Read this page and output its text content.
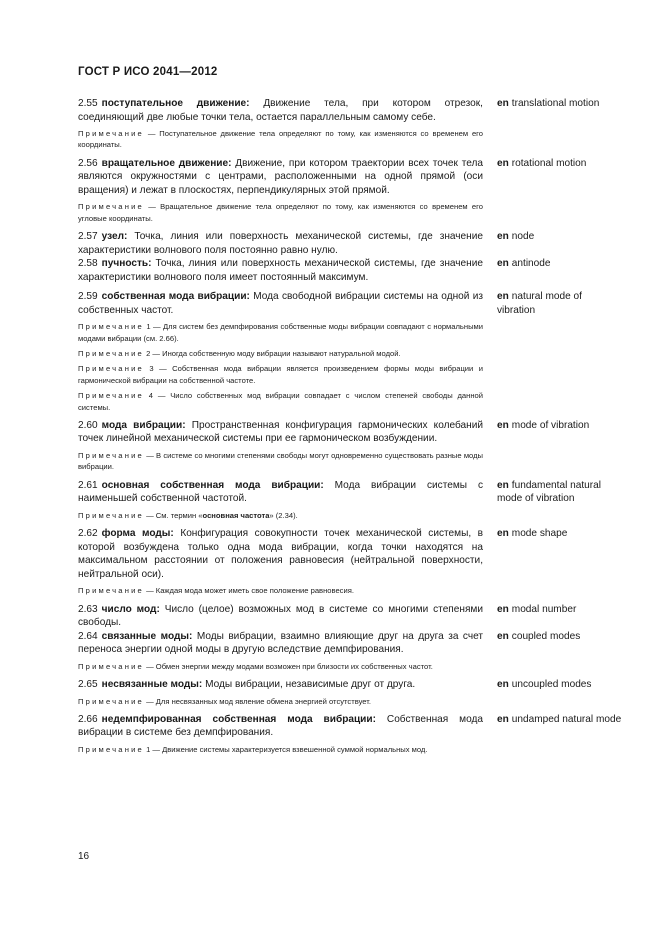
ГОСТ Р ИСО 2041—2012
2.55 поступательное движение: Движение тела, при котором отрезок, соединяющий две любые точки тела, остается параллельным самому себе.
en translational motion
Примечание — Поступательное движение тела определяют по тому, как изменяются со временем его координаты.
2.56 вращательное движение: Движение, при котором траектории всех точек тела являются окружностями с центрами, расположенными на одной прямой (оси вращения) и лежат в плоскостях, перпендикулярных этой прямой.
en rotational motion
Примечание — Вращательное движение тела определяют по тому, как изменяются со временем его угловые координаты.
2.57 узел: Точка, линия или поверхность механической системы, где значение характеристики волнового поля постоянно равно нулю.
en node
2.58 пучность: Точка, линия или поверхность механической системы, где значение характеристики волнового поля имеет постоянный максимум.
en antinode
2.59 собственная мода вибрации: Мода свободной вибрации системы на одной из собственных частот.
en natural mode of vibration
Примечание 1 — Для систем без демпфирования собственные моды вибрации совпадают с нормальными модами вибрации (см. 2.66).
Примечание 2 — Иногда собственную моду вибрации называют натуральной модой.
Примечание 3 — Собственная мода вибрации является произведением формы моды вибрации и гармонической вибрации на собственной частоте.
Примечание 4 — Число собственных мод вибрации совпадает с числом степеней свободы данной системы.
2.60 мода вибрации: Пространственная конфигурация гармонических колебаний точек линейной механической системы при ее гармоническом возбуждении.
en mode of vibration
Примечание — В системе со многими степенями свободы могут одновременно существовать разные моды вибрации.
2.61 основная собственная мода вибрации: Мода вибрации системы с наименьшей собственной частотой.
en fundamental natural mode of vibration
Примечание — См. термин «основная частота» (2.34).
2.62 форма моды: Конфигурация совокупности точек механической системы, в которой возбуждена только одна мода вибрации, когда точки находятся на максимальном расстоянии от положения равновесия (нейтральной поверхности, нейтральной оси).
en mode shape
Примечание — Каждая мода может иметь свое положение равновесия.
2.63 число мод: Число (целое) возможных мод в системе со многими степенями свободы.
en modal number
2.64 связанные моды: Моды вибрации, взаимно влияющие друг на друга за счет переноса энергии одной моды в другую вследствие демпфирования.
en coupled modes
Примечание — Обмен энергии между модами возможен при близости их собственных частот.
2.65 несвязанные моды: Моды вибрации, независимые друг от друга.	en uncoupled modes
Примечание — Для несвязанных мод явление обмена энергией отсутствует.
2.66 недемпфированная собственная мода вибрации: Собственная мода вибрации в системе без демпфирования.
en undamped natural mode
Примечание 1 — Движение системы характеризуется взвешенной суммой нормальных мод.
16
